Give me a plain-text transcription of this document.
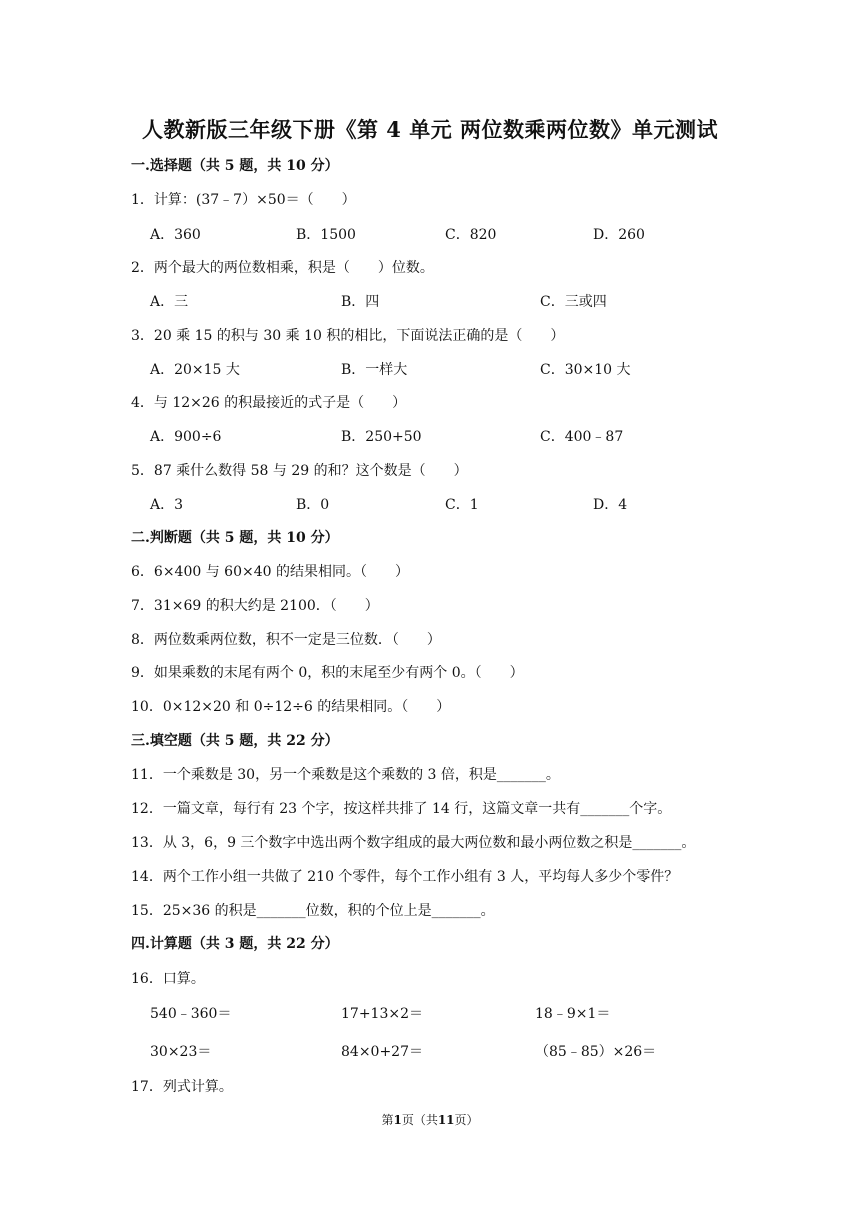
人教新版三年级下册《第 4 单元 两位数乘两位数》单元测试
一.选择题（共 5 题，共 10 分）
1．计算：(37﹣7）×50＝（　　）
A．360	B．1500	C．820	D．260
2．两个最大的两位数相乘，积是（　　）位数。
A．三	B．四	C．三或四
3．20 乘 15 的积与 30 乘 10 积的相比，下面说法正确的是（　　）
A．20×15 大	B．一样大	C．30×10 大
4．与 12×26 的积最接近的式子是（　　）
A．900÷6	B．250+50	C．400﹣87
5．87 乘什么数得 58 与 29 的和？这个数是（　　）
A．3	B．0	C．1	D．4
二.判断题（共 5 题，共 10 分）
6．6×400 与 60×40 的结果相同。（　　）
7．31×69 的积大约是 2100．（　　）
8．两位数乘两位数，积不一定是三位数．（　　）
9．如果乘数的末尾有两个 0，积的末尾至少有两个 0。（　　）
10．0×12×20 和 0÷12÷6 的结果相同。（　　）
三.填空题（共 5 题，共 22 分）
11．一个乘数是 30，另一个乘数是这个乘数的 3 倍，积是_______。
12．一篇文章，每行有 23 个字，按这样共排了 14 行，这篇文章一共有_______个字。
13．从 3，6，9 三个数字中选出两个数字组成的最大两位数和最小两位数之积是_______。
14．两个工作小组一共做了 210 个零件，每个工作小组有 3 人，平均每人多少个零件？
15．25×36 的积是_______位数，积的个位上是_______。
四.计算题（共 3 题，共 22 分）
16．口算。
540﹣360＝	17+13×2＝	18﹣9×1＝
30×23＝	84×0+27＝	（85﹣85）×26＝
17．列式计算。
第1页（共11页）
